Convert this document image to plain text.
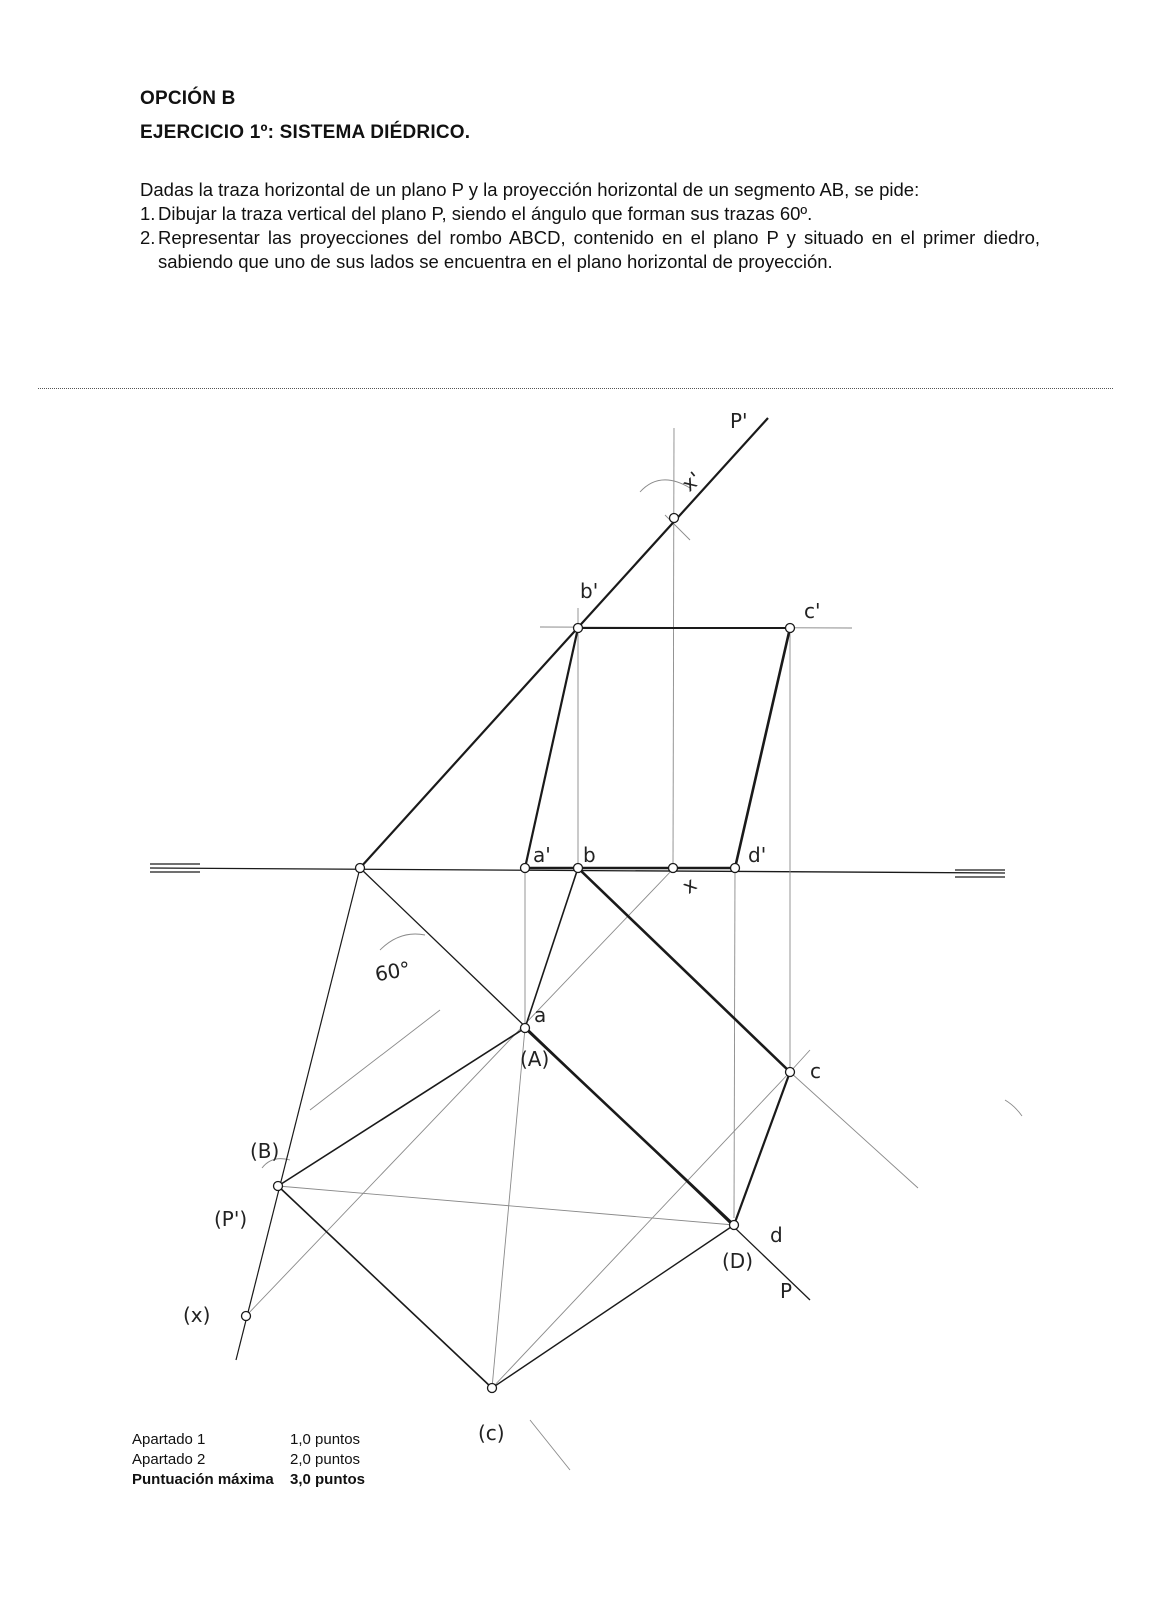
OPCIÓN B
EJERCICIO 1º: SISTEMA DIÉDRICO.
Dadas la traza horizontal de un plano P y la proyección horizontal de un segmento AB, se pide:
1. Dibujar la traza vertical del plano P, siendo el ángulo que forman sus trazas 60º.
2. Representar las proyecciones del rombo ABCD, contenido en el plano P y situado en el primer diedro,
sabiendo que uno de sus lados se encuentra en el plano horizontal de proyección.
P'
x'
b'
c'
a' b	d'
x
60°
a
(A)	c
(B)
(P')
d
(D)
P
(x)
(c)
Apartado 1	1,0 puntos
Apartado 2	2,0 puntos
Puntuación máxima	3,0 puntos
